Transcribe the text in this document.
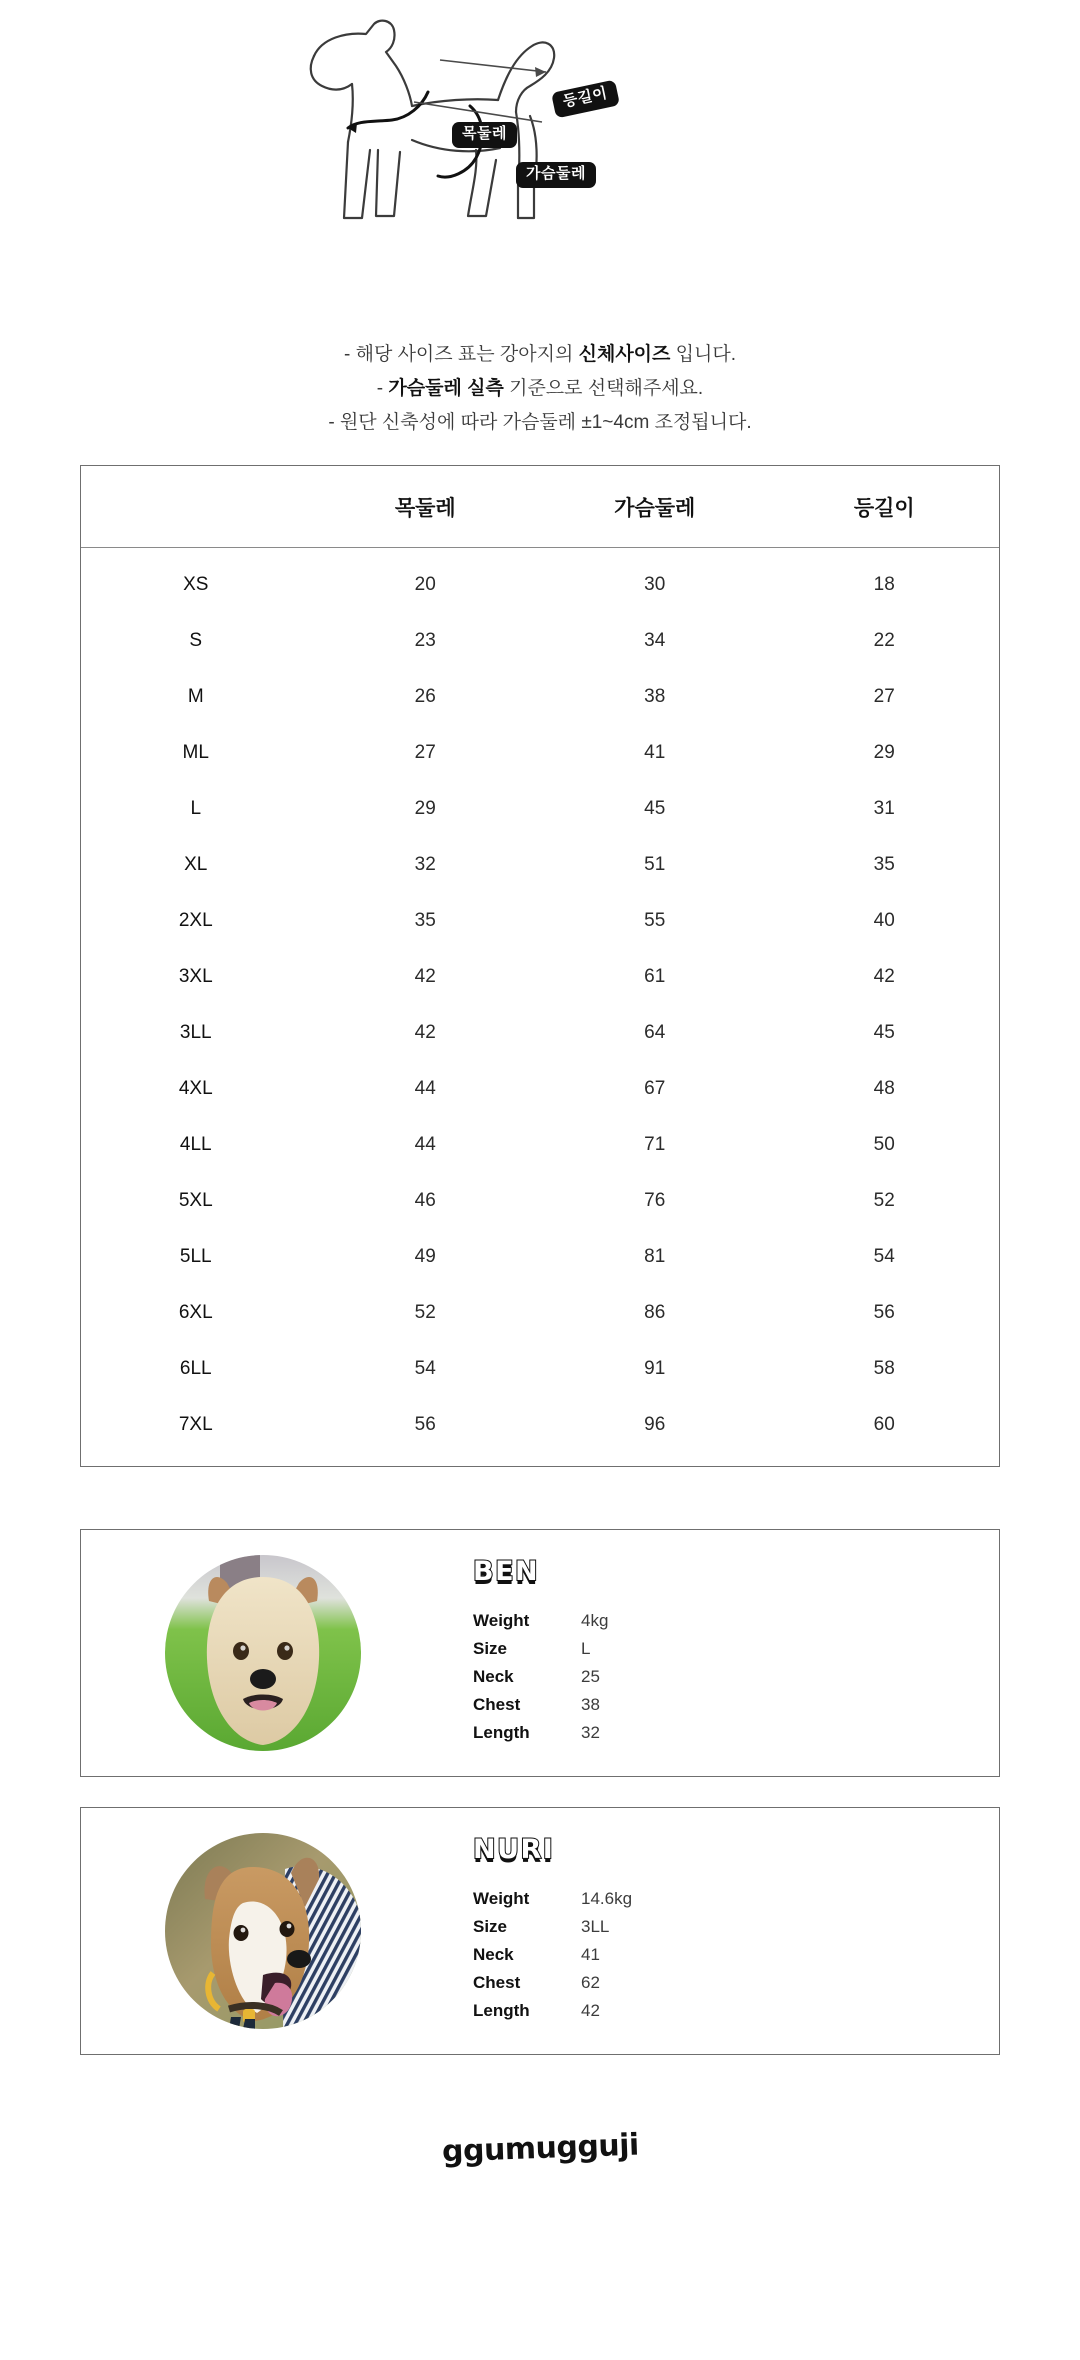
목둘레
등길이
가슴둘레

- 해당 사이즈 표는 강아지의 신체사이즈 입니다.

- 가슴둘레 실측 기준으로 선택해주세요.

- 원단 신축성에 따라 가슴둘레 ±1~4cm 조정됩니다.

	목둘레	가슴둘레	등길이
XS	20	30	18
S	23	34	22
M	26	38	27
ML	27	41	29
L	29	45	31
XL	32	51	35
2XL	35	55	40
3XL	42	61	42
3LL	42	64	45
4XL	44	67	48
4LL	44	71	50
5XL	46	76	52
5LL	49	81	54
6XL	52	86	56
6LL	54	91	58
7XL	56	96	60
BEN
Weight	4kg
Size	L
Neck	25
Chest	38
Length	32
NURI
Weight	14.6kg
Size	3LL
Neck	41
Chest	62
Length	42
ggumugguji
